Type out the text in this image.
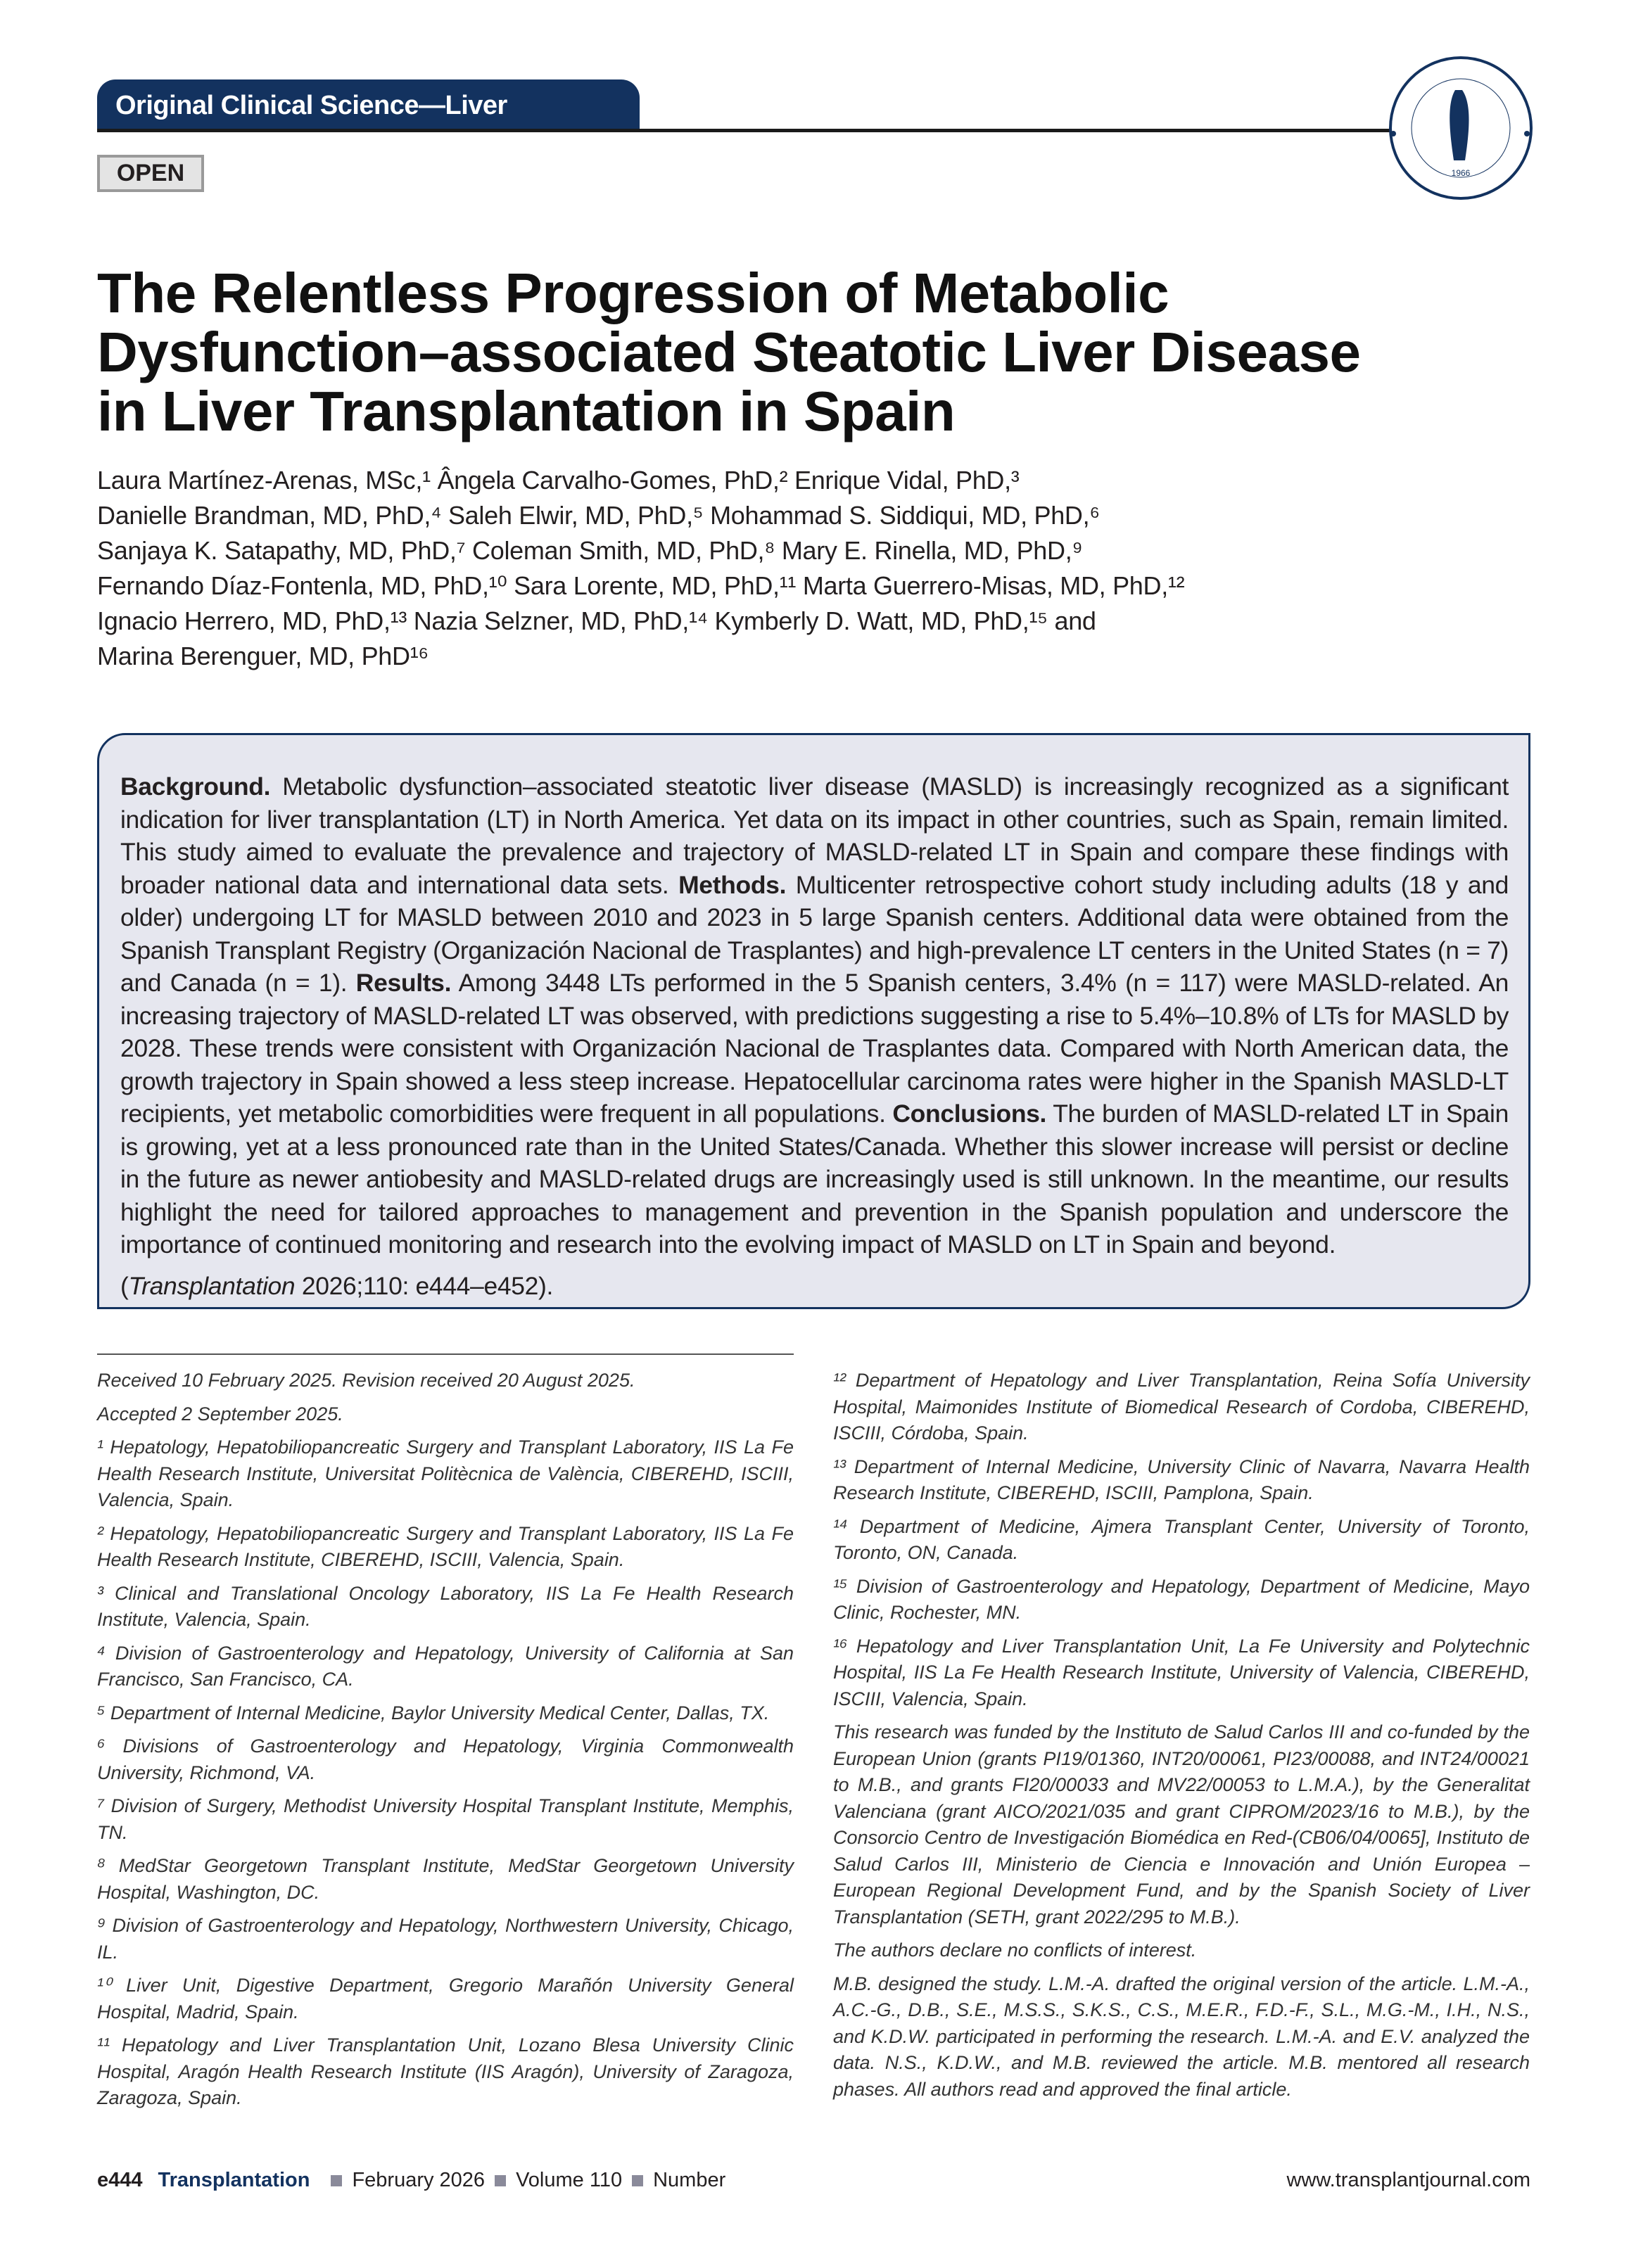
Original Clinical Science—Liver
1966
OPEN
The Relentless Progression of Metabolic
Dysfunction–associated Steatotic Liver Disease
in Liver Transplantation in Spain
Laura Martínez-Arenas, MSc,¹ Ângela Carvalho-Gomes, PhD,² Enrique Vidal, PhD,³
Danielle Brandman, MD, PhD,⁴ Saleh Elwir, MD, PhD,⁵ Mohammad S. Siddiqui, MD, PhD,⁶
Sanjaya K. Satapathy, MD, PhD,⁷ Coleman Smith, MD, PhD,⁸ Mary E. Rinella, MD, PhD,⁹
Fernando Díaz-Fontenla, MD, PhD,¹⁰ Sara Lorente, MD, PhD,¹¹ Marta Guerrero-Misas, MD, PhD,¹²
Ignacio Herrero, MD, PhD,¹³ Nazia Selzner, MD, PhD,¹⁴ Kymberly D. Watt, MD, PhD,¹⁵ and
Marina Berenguer, MD, PhD¹⁶

Background. Metabolic dysfunction–associated steatotic liver disease (MASLD) is increasingly recognized as a significant indication for liver transplantation (LT) in North America. Yet data on its impact in other countries, such as Spain, remain limited. This study aimed to evaluate the prevalence and trajectory of MASLD-related LT in Spain and compare these findings with broader national data and international data sets. Methods. Multicenter retrospective cohort study including adults (18 y and older) undergoing LT for MASLD between 2010 and 2023 in 5 large Spanish centers. Additional data were obtained from the Spanish Transplant Registry (Organización Nacional de Trasplantes) and high-prevalence LT centers in the United States (n = 7) and Canada (n = 1). Results. Among 3448 LTs performed in the 5 Spanish centers, 3.4% (n = 117) were MASLD-related. An increasing trajectory of MASLD-related LT was observed, with predictions suggesting a rise to 5.4%–10.8% of LTs for MASLD by 2028. These trends were consistent with Organización Nacional de Trasplantes data. Compared with North American data, the growth trajectory in Spain showed a less steep increase. Hepatocellular carcinoma rates were higher in the Spanish MASLD-LT recipients, yet metabolic comorbidities were frequent in all populations. Conclusions. The burden of MASLD-related LT in Spain is growing, yet at a less pronounced rate than in the United States/Canada. Whether this slower increase will persist or decline in the future as newer antiobesity and MASLD-related drugs are increasingly used is still unknown. In the meantime, our results highlight the need for tailored approaches to management and prevention in the Spanish population and underscore the importance of continued monitoring and research into the evolving impact of MASLD on LT in Spain and beyond.

(Transplantation 2026;110: e444–e452).

Received 10 February 2025. Revision received 20 August 2025.

Accepted 2 September 2025.

¹ Hepatology, Hepatobiliopancreatic Surgery and Transplant Laboratory, IIS La Fe Health Research Institute, Universitat Politècnica de València, CIBEREHD, ISCIII, Valencia, Spain.

² Hepatology, Hepatobiliopancreatic Surgery and Transplant Laboratory, IIS La Fe Health Research Institute, CIBEREHD, ISCIII, Valencia, Spain.

³ Clinical and Translational Oncology Laboratory, IIS La Fe Health Research Institute, Valencia, Spain.

⁴ Division of Gastroenterology and Hepatology, University of California at San Francisco, San Francisco, CA.

⁵ Department of Internal Medicine, Baylor University Medical Center, Dallas, TX.

⁶ Divisions of Gastroenterology and Hepatology, Virginia Commonwealth University, Richmond, VA.

⁷ Division of Surgery, Methodist University Hospital Transplant Institute, Memphis, TN.

⁸ MedStar Georgetown Transplant Institute, MedStar Georgetown University Hospital, Washington, DC.

⁹ Division of Gastroenterology and Hepatology, Northwestern University, Chicago, IL.

¹⁰ Liver Unit, Digestive Department, Gregorio Marañón University General Hospital, Madrid, Spain.

¹¹ Hepatology and Liver Transplantation Unit, Lozano Blesa University Clinic Hospital, Aragón Health Research Institute (IIS Aragón), University of Zaragoza, Zaragoza, Spain.

¹² Department of Hepatology and Liver Transplantation, Reina Sofía University Hospital, Maimonides Institute of Biomedical Research of Cordoba, CIBEREHD, ISCIII, Córdoba, Spain.

¹³ Department of Internal Medicine, University Clinic of Navarra, Navarra Health Research Institute, CIBEREHD, ISCIII, Pamplona, Spain.

¹⁴ Department of Medicine, Ajmera Transplant Center, University of Toronto, Toronto, ON, Canada.

¹⁵ Division of Gastroenterology and Hepatology, Department of Medicine, Mayo Clinic, Rochester, MN.

¹⁶ Hepatology and Liver Transplantation Unit, La Fe University and Polytechnic Hospital, IIS La Fe Health Research Institute, University of Valencia, CIBEREHD, ISCIII, Valencia, Spain.

This research was funded by the Instituto de Salud Carlos III and co-funded by the European Union (grants PI19/01360, INT20/00061, PI23/00088, and INT24/00021 to M.B., and grants FI20/00033 and MV22/00053 to L.M.A.), by the Generalitat Valenciana (grant AICO/2021/035 and grant CIPROM/2023/16 to M.B.), by the Consorcio Centro de Investigación Biomédica en Red-(CB06/04/0065], Instituto de Salud Carlos III, Ministerio de Ciencia e Innovación and Unión Europea – European Regional Development Fund, and by the Spanish Society of Liver Transplantation (SETH, grant 2022/295 to M.B.).

The authors declare no conflicts of interest.

M.B. designed the study. L.M.-A. drafted the original version of the article. L.M.-A., A.C.-G., D.B., S.E., M.S.S., S.K.S., C.S., M.E.R., F.D.-F., S.L., M.G.-M., I.H., N.S., and K.D.W. participated in performing the research. L.M.-A. and E.V. analyzed the data. N.S., K.D.W., and M.B. reviewed the article. M.B. mentored all research phases. All authors read and approved the final article.

e444 Transplantation February 2026 Volume 110 Number	www.transplantjournal.com
